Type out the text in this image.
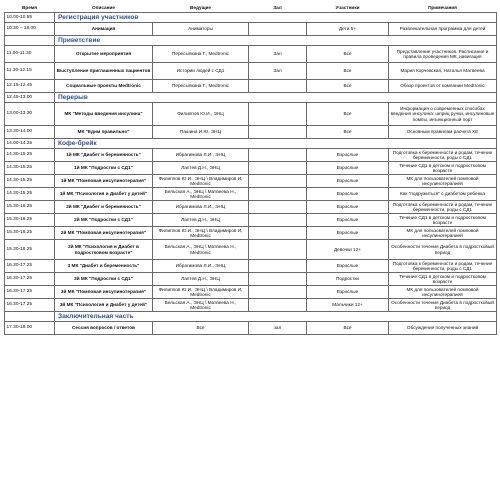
Время	Описание	Ведущие	Зал	Участники	Примечания
10.00-10.55	Регистрация участников				
10:30 – 18.00	Анимация	Аниматоры		Дети 5+	Развлекательная программа для детей
	Приветствие				
11.00-11.30	Открытие мероприятия	Пересыпкина Г., Medtronic	Зал	Все	Представление участников. Расписание и правила проведения МК, навигация
11.30-12.15	Выступление приглашенных пациентов	Истории людей с СД1	Зал	Все	Мария Корчевская, Наталья Матвеева
12.15-12.45	Социальные проекты Medtronic	Пересыпкина Г., Medtronic		Все	Обзор проектов от компании Medtronic
12.45-13.00	Перерыв				
13.00-13.30	МК "Методы введения инсулина"	Филиппов Ю.И., ЭНЦ		Все	Информация о современных способах введения инсулина: шприц ручки, инсулиновые помпы, инъекционный порт
13.30-14.00	МК "Едим правильно"	Пашина И.Ю, ЭНЦ		Все	Основным правилам расчета ХЕ
14.00-14.25	Кофе-брейк				
14.30-15.25	1й МК "Диабет и беременность"	Ибрагимова Л.И., ЭНЦ		Взрослые	Подготовка к беременности и родам, течение беременности, роды с СД1
14.30-15.25	1й МК "Подростки с СД1"	Лаптев Д.Н., ЭНЦ		Взрослые	Течение СД1 в детском и подростковом возрасте
14.30-15.25	1й МК "Помповая инсулинотерапия"	Филиппов Ю.И., ЭНЦ \ Владимиров И, Medtronic		Взрослые	МК для пользователей помповой инсулинотерапией
14.30-15.25	1й МК "Психология и Диабет у детей"	Бельская А., ЭНЦ \ Матвеева Н., Medtronic		Взрослые	Как "подружиться" с диабетом ребенка
15.30-16.25	2й МК "Диабет и беременность"	Ибрагимова Л.И., ЭНЦ		Взрослые	Подготовка к беременности и родам, течение беременности, роды с СД1
15.30-16.25	2й МК "Подростки с СД1"	Лаптев Д.Н., ЭНЦ		Взрослые	Течение СД1 в детском и подростковом возрасте
15.30-16.25	2й МК "Помповая инсулинотерапия"	Филиппов Ю.И., ЭНЦ \ Владимиров И, Medtronic		Взрослые	МК для пользователей помповой инсулинотерапией
15.30-16.25	2й МК "Психология и Диабет в подростковом возрасте"	Бельская А., ЭНЦ \ Матвеева Н., Medtronic		Девочки 12+	Особенности течения Диабета в подростковый период
16.30-17.25	3 МК "Диабет и беременность"	Ибрагимова Л.И., ЭНЦ		Взрослые	Подготовка к беременности и родам, течение беременности, роды с СД1
16.30-17.25	3й МК "Подростки с СД1"	Лаптев Д.Н., ЭНЦ		Подростки	Течение СД1 в детском и подростковом возрасте
16.30-17.25	3й МК "Помповая инсулинотерапия"	Филиппов Ю.И., ЭНЦ \ Владимиров И, Medtronic		Взрослые	МК для пользователей помповой инсулинотерапией
16.30-17.25	3й МК "Психология и Диабет у детей"	Бельская А., ЭНЦ \ Матвеева Н., Medtronic		Мальчики 12+	Особенности течения Диабета в подростковый период
	Заключительная часть				
17.30-18.00	Сессия вопросов / ответов	Все	зал	Все	Обсуждение полученных знаний
